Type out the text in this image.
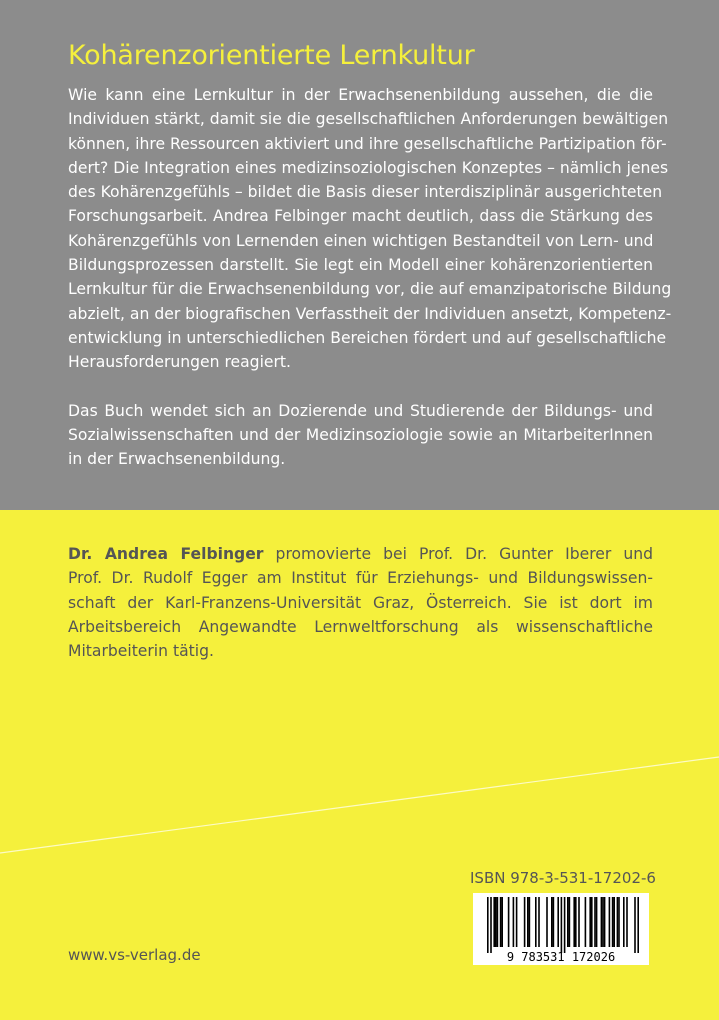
Kohärenzorientierte Lernkultur

Wie kann eine Lernkultur in der Erwachsenenbildung aussehen, die die
Individuen stärkt, damit sie die gesellschaftlichen Anforderungen bewältigen
können, ihre Ressourcen aktiviert und ihre gesellschaftliche Partizipation för-
dert? Die Integration eines medizinsoziologischen Konzeptes – nämlich jenes
des Kohärenzgefühls – bildet die Basis dieser interdisziplinär ausgerichteten
Forschungsarbeit. Andrea Felbinger macht deutlich, dass die Stärkung des
Kohärenzgefühls von Lernenden einen wichtigen Bestandteil von Lern- und
Bildungsprozessen darstellt. Sie legt ein Modell einer kohärenzorientierten
Lernkultur für die Erwachsenenbildung vor, die auf emanzipatorische Bildung
abzielt, an der biografischen Verfasstheit der Individuen ansetzt, Kompetenz-
entwicklung in unterschiedlichen Bereichen fördert und auf gesellschaftliche
Herausforderungen reagiert.

Das Buch wendet sich an Dozierende und Studierende der Bildungs- und
Sozialwissenschaften und der Medizinsoziologie sowie an MitarbeiterInnen
in der Erwachsenenbildung.

Dr. Andrea Felbinger promovierte bei Prof. Dr. Gunter Iberer und
Prof. Dr. Rudolf Egger am Institut für Erziehungs- und Bildungswissen-
schaft der Karl-Franzens-Universität Graz, Österreich. Sie ist dort im
Arbeitsbereich Angewandte Lernweltforschung als wissenschaftliche
Mitarbeiterin tätig.
ISBN 978-3-531-17202-6
9 783531 172026
www.vs-verlag.de
